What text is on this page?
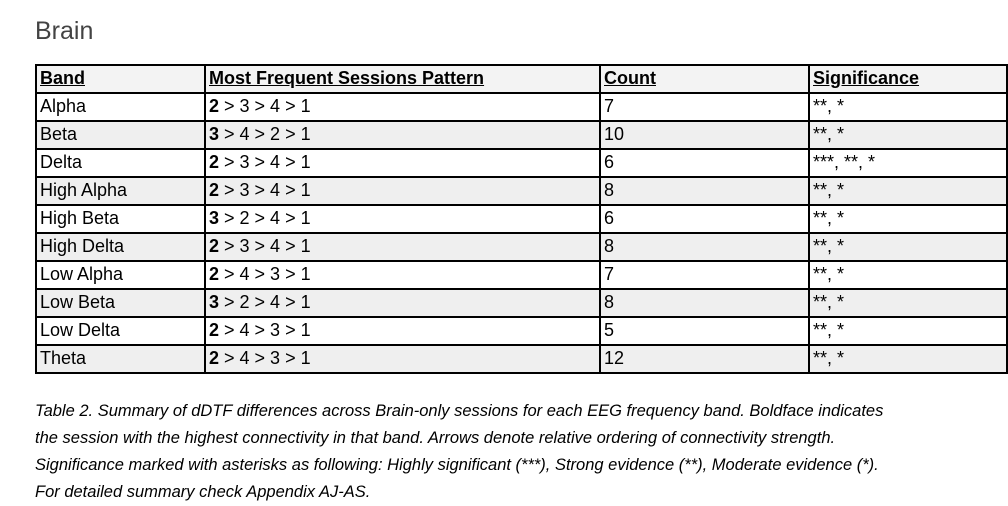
Brain
Band	Most Frequent Sessions Pattern	Count	Significance
Alpha	2 > 3 > 4 > 1	7	**, *
Beta	3 > 4 > 2 > 1	10	**, *
Delta	2 > 3 > 4 > 1	6	***, **, *
High Alpha	2 > 3 > 4 > 1	8	**, *
High Beta	3 > 2 > 4 > 1	6	**, *
High Delta	2 > 3 > 4 > 1	8	**, *
Low Alpha	2 > 4 > 3 > 1	7	**, *
Low Beta	3 > 2 > 4 > 1	8	**, *
Low Delta	2 > 4 > 3 > 1	5	**, *
Theta	2 > 4 > 3 > 1	12	**, *
Table 2. Summary of dDTF differences across Brain-only sessions for each EEG frequency band. Boldface indicates
the session with the highest connectivity in that band. Arrows denote relative ordering of connectivity strength.
Significance marked with asterisks as following: Highly significant (***), Strong evidence (**), Moderate evidence (*).
For detailed summary check Appendix AJ-AS.
